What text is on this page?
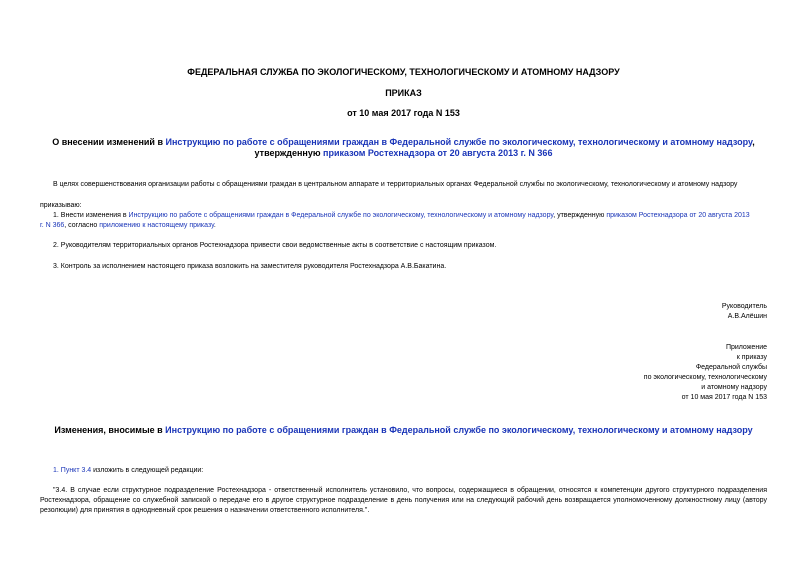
ФЕДЕРАЛЬНАЯ СЛУЖБА ПО ЭКОЛОГИЧЕСКОМУ, ТЕХНОЛОГИЧЕСКОМУ И АТОМНОМУ НАДЗОРУ
ПРИКАЗ
от 10 мая 2017 года N 153
О внесении изменений в Инструкцию по работе с обращениями граждан в Федеральной службе по экологическому, технологическому и атомному надзору,
утвержденную приказом Ростехнадзора от 20 августа 2013 г. N 366
В целях совершенствования организации работы с обращениями граждан в центральном аппарате и территориальных органах Федеральной службы по экологическому, технологическому и атомному надзору
приказываю:
1. Внести изменения в Инструкцию по работе с обращениями граждан в Федеральной службе по экологическому, технологическому и атомному надзору, утвержденную приказом Ростехнадзора от 20 августа 2013
г. N 366, согласно приложению к настоящему приказу.
2. Руководителям территориальных органов Ростехнадзора привести свои ведомственные акты в соответствие с настоящим приказом.
3. Контроль за исполнением настоящего приказа возложить на заместителя руководителя Ростехнадзора А.В.Бакатина.
Руководитель
А.В.Алёшин
Приложение
к приказу
Федеральной службы
по экологическому, технологическому
и атомному надзору
от 10 мая 2017 года N 153
Изменения, вносимые в Инструкцию по работе с обращениями граждан в Федеральной службе по экологическому, технологическому и атомному надзору
1. Пункт 3.4 изложить в следующей редакции:
"3.4. В случае если структурное подразделение Ростехнадзора - ответственный исполнитель установило, что вопросы, содержащиеся в обращении, относятся к компетенции другого структурного подразделения Ростехнадзора, обращение со служебной запиской о передаче его в другое структурное подразделение в день получения или на следующий рабочий день возвращается уполномоченному должностному лицу (автору резолюции) для принятия в однодневный срок решения о назначении ответственного исполнителя.".
